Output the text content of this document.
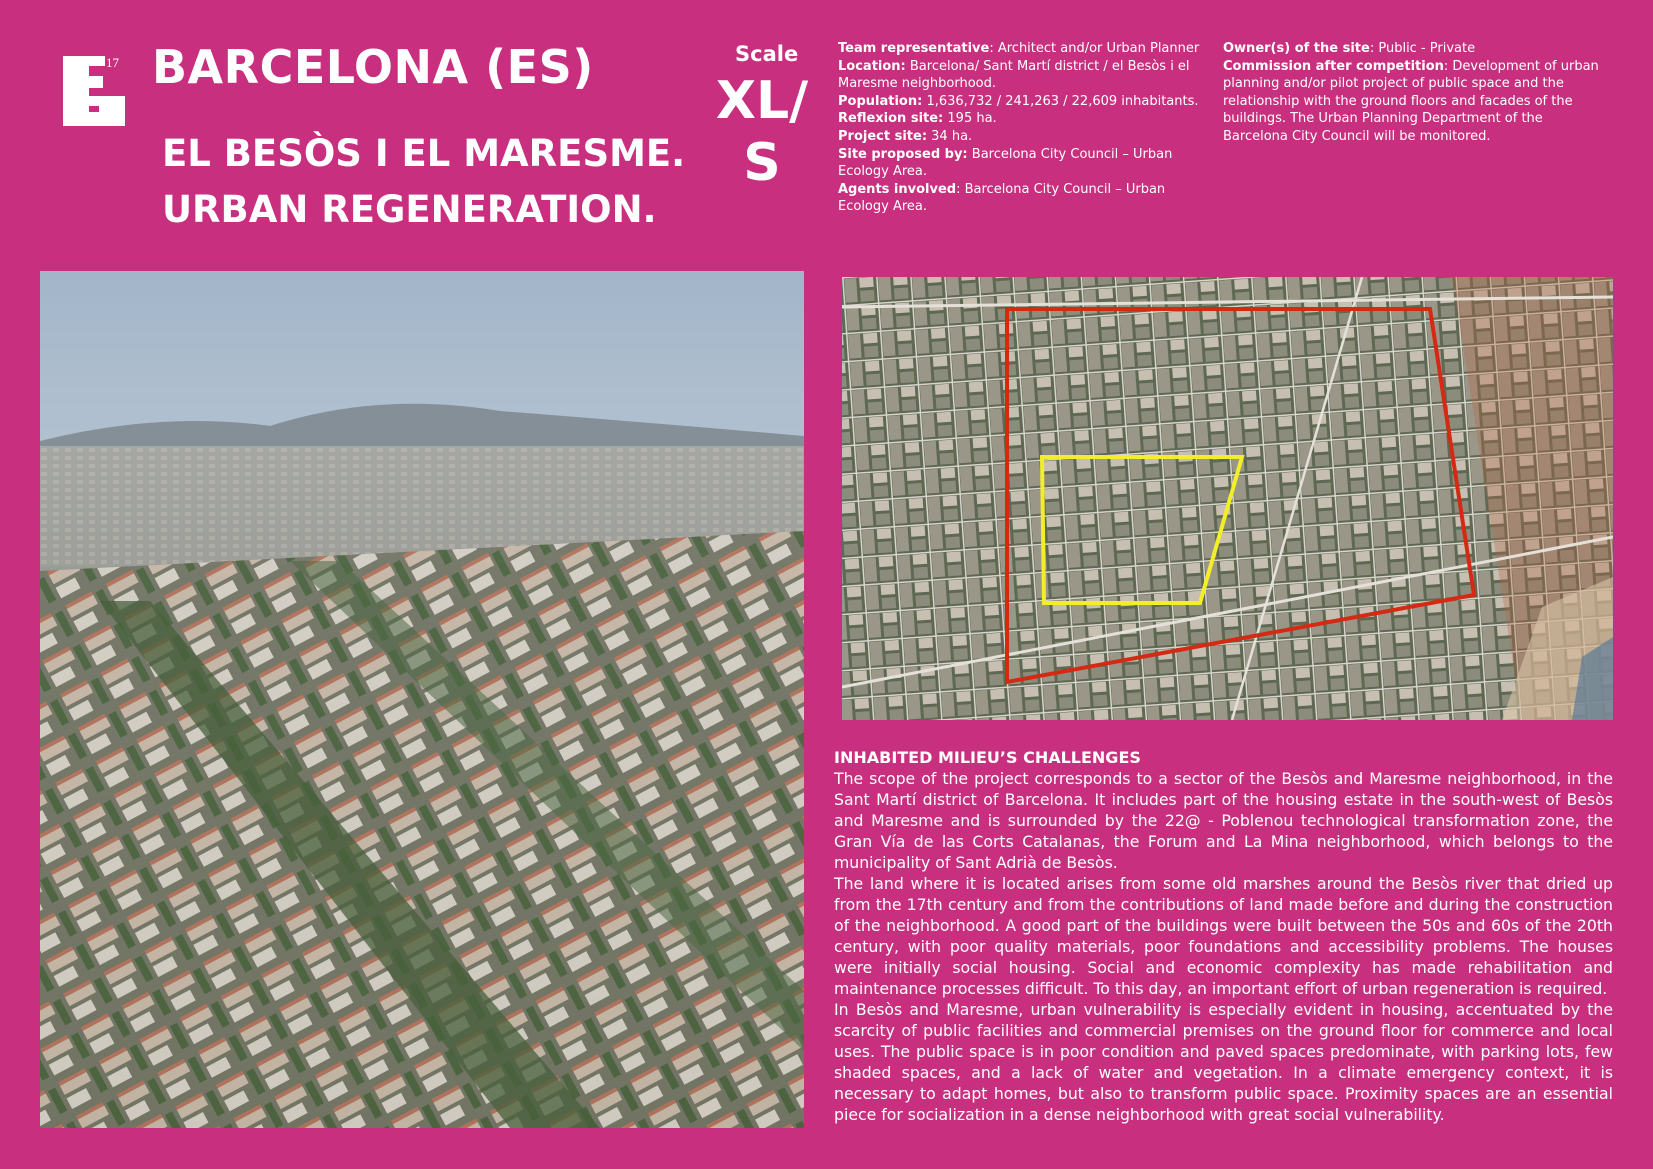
17 BARCELONA (ES)
EL BESÒS I EL MARESME.
URBAN REGENERATION.
Scale
XL/
S

Team representative: Architect and/or Urban Planner

Location: Barcelona/ Sant Martí district / el Besòs i el Maresme neighborhood.

Population: 1,636,732 / 241,263 / 22,609 inhabitants.

Reflexion site: 195 ha.

Project site: 34 ha.

Site proposed by: Barcelona City Council – Urban Ecology Area.

Agents involved: Barcelona City Council – Urban Ecology Area.

Owner(s) of the site: Public - Private

Commission after competition: Development of urban planning and/or pilot project of public space and the relationship with the ground floors and facades of the buildings. The Urban Planning Department of the Barcelona City Council will be monitored.

INHABITED MILIEU’S CHALLENGES

The scope of the project corresponds to a sector of the Besòs and Maresme neighborhood, in the Sant Martí district of Barcelona. It includes part of the housing estate in the south-west of Besòs and Maresme and is surrounded by the 22@ - Poblenou technological transformation zone, the Gran Vía de las Corts Catalanas, the Forum and La Mina neighborhood, which belongs to the municipality of Sant Adrià de Besòs.

The land where it is located arises from some old marshes around the Besòs river that dried up from the 17th century and from the contributions of land made before and during the construction of the neighborhood. A good part of the buildings were built between the 50s and 60s of the 20th century, with poor quality materials, poor foundations and accessibility problems. The houses were initially social housing. Social and economic complexity has made rehabilitation and maintenance processes difficult. To this day, an important effort of urban regeneration is required.

In Besòs and Maresme, urban vulnerability is especially evident in housing, accentuated by the scarcity of public facilities and commercial premises on the ground floor for commerce and local uses. The public space is in poor condition and paved spaces predominate, with parking lots, few shaded spaces, and a lack of water and vegetation. In a climate emergency context, it is necessary to adapt homes, but also to transform public space. Proximity spaces are an essential piece for socialization in a dense neighborhood with great social vulnerability.
